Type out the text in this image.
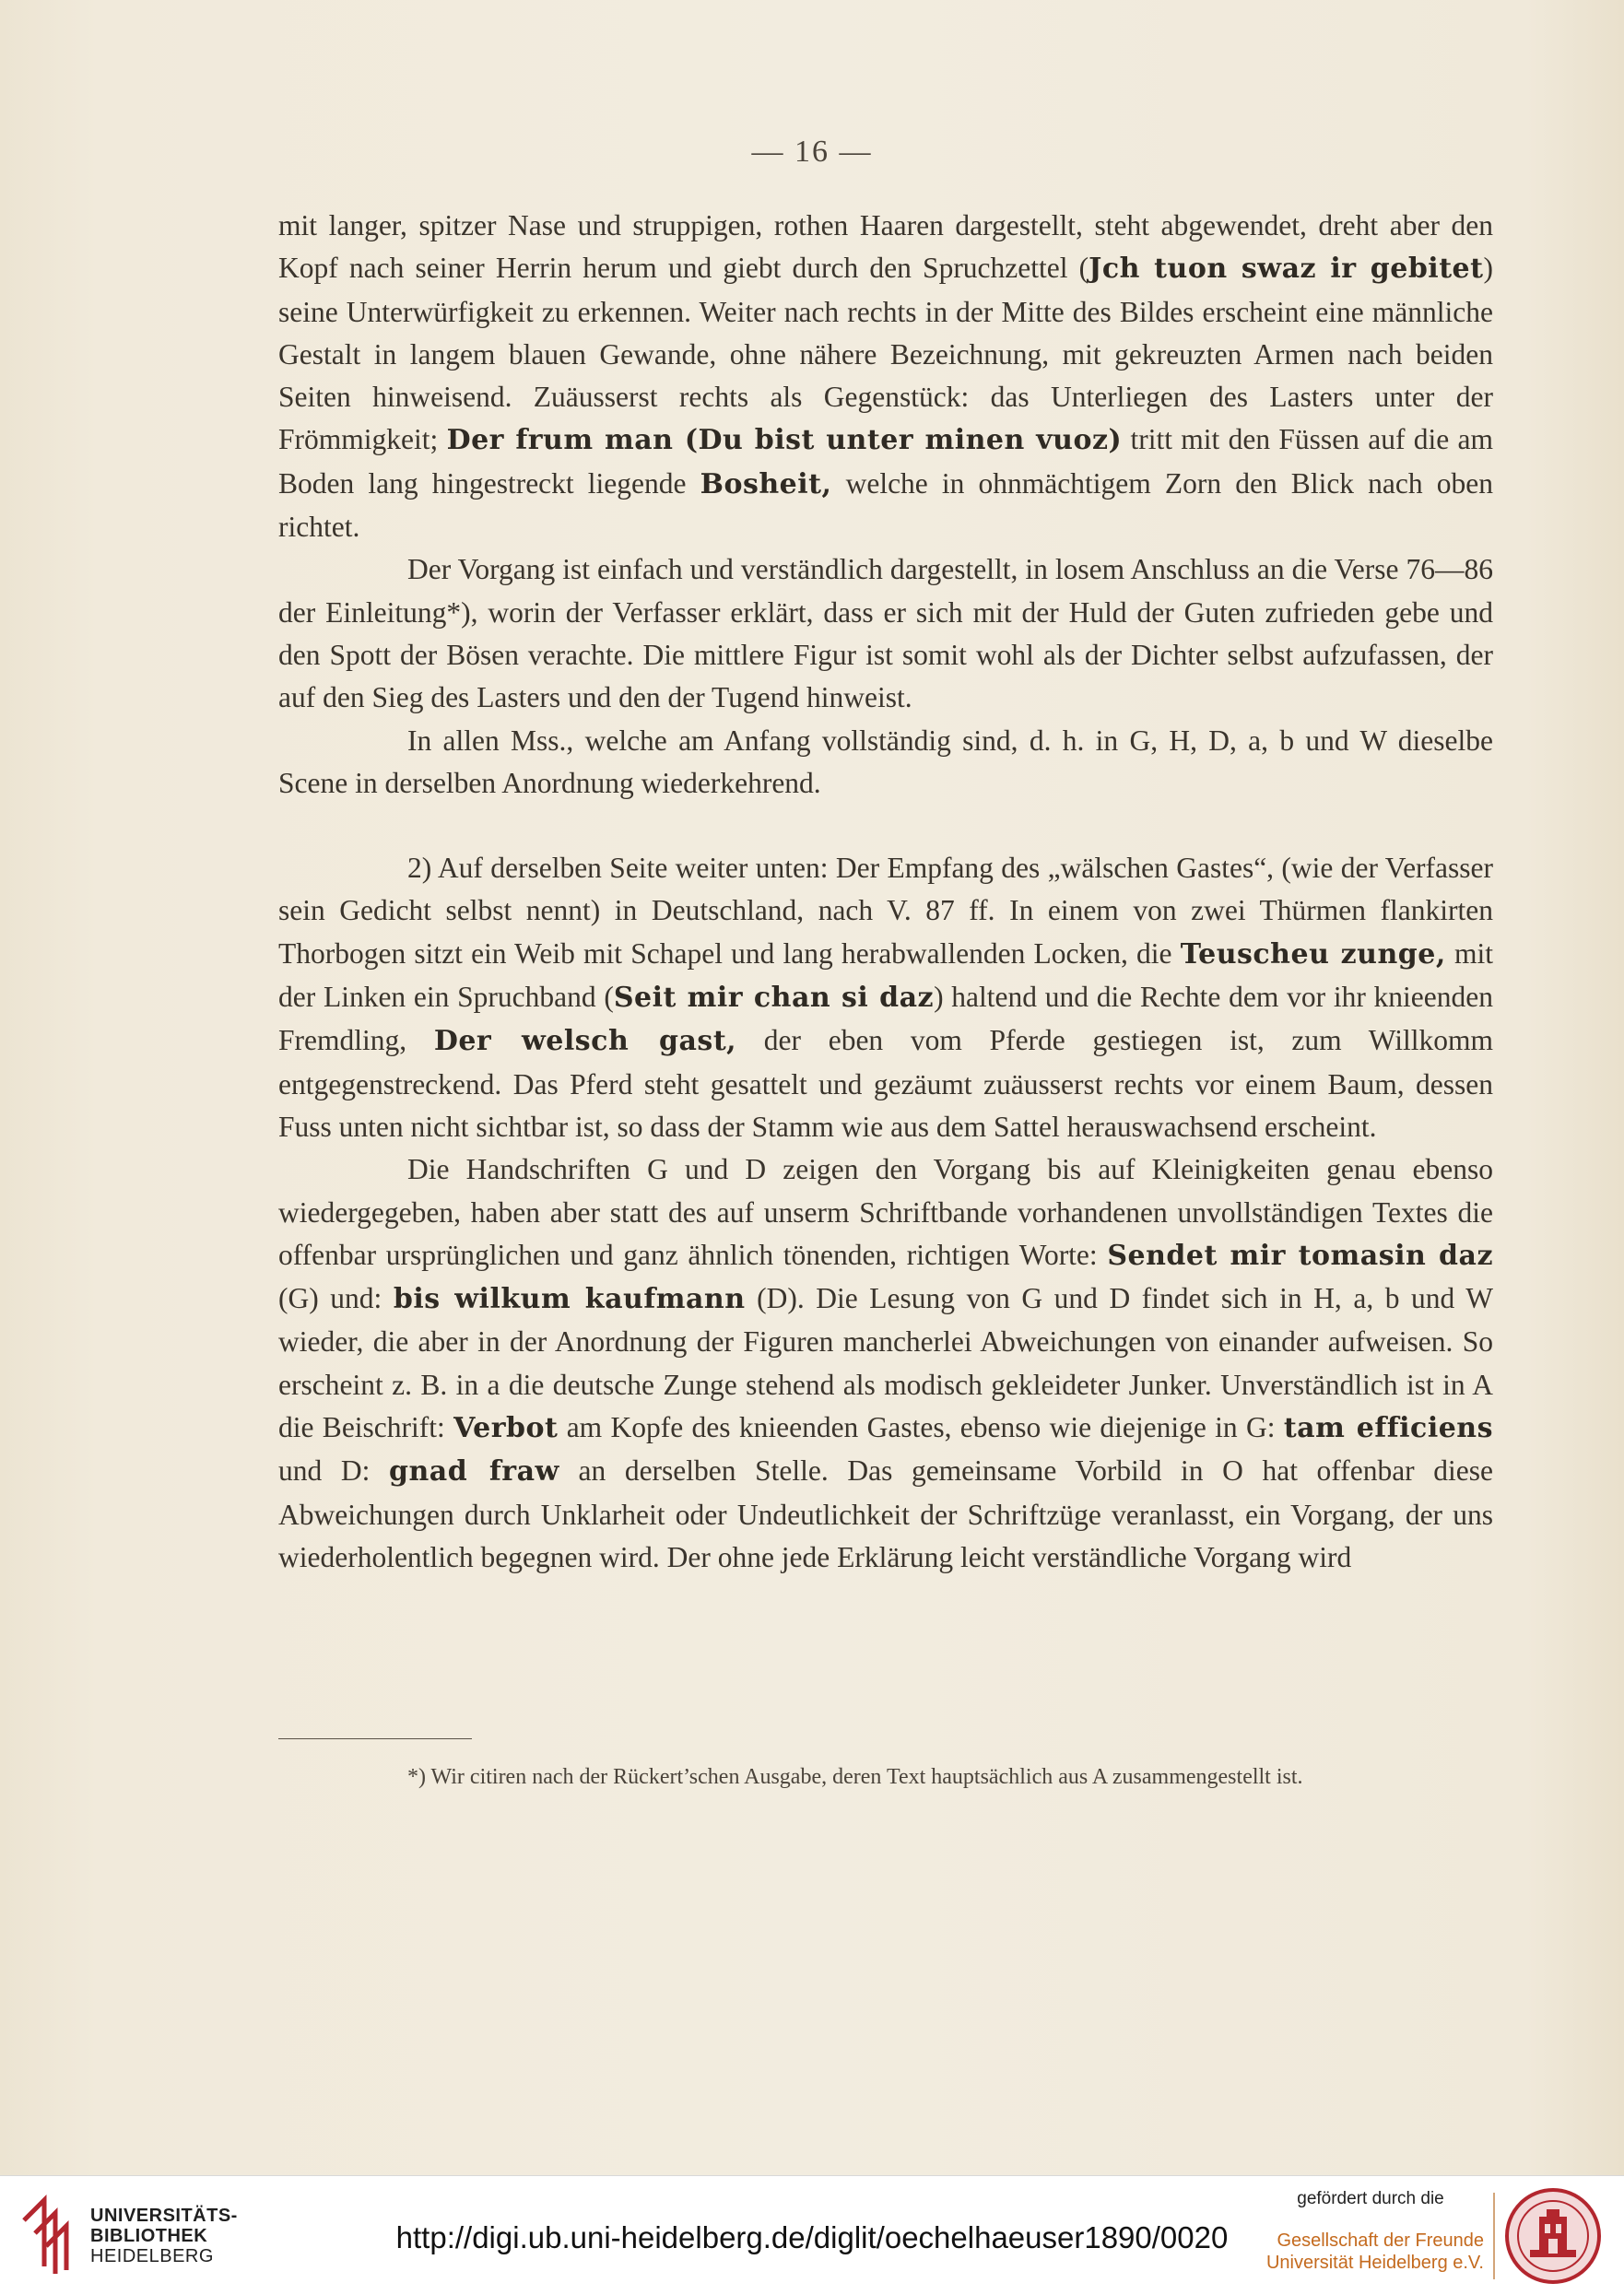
— 16 —

mit langer, spitzer Nase und struppigen, rothen Haaren dargestellt, steht abgewendet, dreht aber den Kopf nach seiner Herrin herum und giebt durch den Spruchzettel (Jch tuon swaz ir gebitet) seine Unterwürfigkeit zu erkennen. Weiter nach rechts in der Mitte des Bildes erscheint eine männliche Gestalt in langem blauen Gewande, ohne nähere Bezeichnung, mit gekreuzten Armen nach beiden Seiten hinweisend. Zuäusserst rechts als Gegenstück: das Unterliegen des Lasters unter der Frömmigkeit; Der frum man (Du bist unter minen vuoz) tritt mit den Füssen auf die am Boden lang hingestreckt liegende Bosheit, welche in ohnmächtigem Zorn den Blick nach oben richtet.

Der Vorgang ist einfach und verständlich dargestellt, in losem Anschluss an die Verse 76—86 der Einleitung*), worin der Verfasser erklärt, dass er sich mit der Huld der Guten zufrieden gebe und den Spott der Bösen verachte. Die mittlere Figur ist somit wohl als der Dichter selbst aufzufassen, der auf den Sieg des Lasters und den der Tugend hinweist.

In allen Mss., welche am Anfang vollständig sind, d. h. in G, H, D, a, b und W dieselbe Scene in derselben Anordnung wiederkehrend.

2) Auf derselben Seite weiter unten: Der Empfang des „wälschen Gastes“, (wie der Verfasser sein Gedicht selbst nennt) in Deutschland, nach V. 87 ff. In einem von zwei Thürmen flankirten Thorbogen sitzt ein Weib mit Schapel und lang herabwallenden Locken, die Teuscheu zunge, mit der Linken ein Spruchband (Seit mir chan si daz) haltend und die Rechte dem vor ihr knieenden Fremdling, Der welsch gast, der eben vom Pferde gestiegen ist, zum Willkomm entgegenstreckend. Das Pferd steht gesattelt und gezäumt zuäusserst rechts vor einem Baum, dessen Fuss unten nicht sichtbar ist, so dass der Stamm wie aus dem Sattel herauswachsend erscheint.

Die Handschriften G und D zeigen den Vorgang bis auf Kleinigkeiten genau ebenso wiedergegeben, haben aber statt des auf unserm Schriftbande vorhandenen unvollständigen Textes die offenbar ursprünglichen und ganz ähnlich tönenden, richtigen Worte: Sendet mir tomasin daz (G) und: bis wilkum kaufmann (D). Die Lesung von G und D findet sich in H, a, b und W wieder, die aber in der Anordnung der Figuren mancherlei Abweichungen von einander aufweisen. So erscheint z. B. in a die deutsche Zunge stehend als modisch gekleideter Junker. Unverständlich ist in A die Beischrift: Verbot am Kopfe des knieenden Gastes, ebenso wie diejenige in G: tam efficiens und D: gnad fraw an derselben Stelle. Das gemeinsame Vorbild in O hat offenbar diese Abweichungen durch Unklarheit oder Undeutlichkeit der Schriftzüge veranlasst, ein Vorgang, der uns wiederholentlich begegnen wird. Der ohne jede Erklärung leicht verständliche Vorgang wird

*) Wir citiren nach der Rückert’schen Ausgabe, deren Text hauptsächlich aus A zusammengestellt ist.

UNIVERSITÄTS-
BIBLIOTHEK
HEIDELBERG
http://digi.ub.uni-heidelberg.de/diglit/oechelhaeuser1890/0020
gefördert durch die
Gesellschaft der Freunde
Universität Heidelberg e.V.
